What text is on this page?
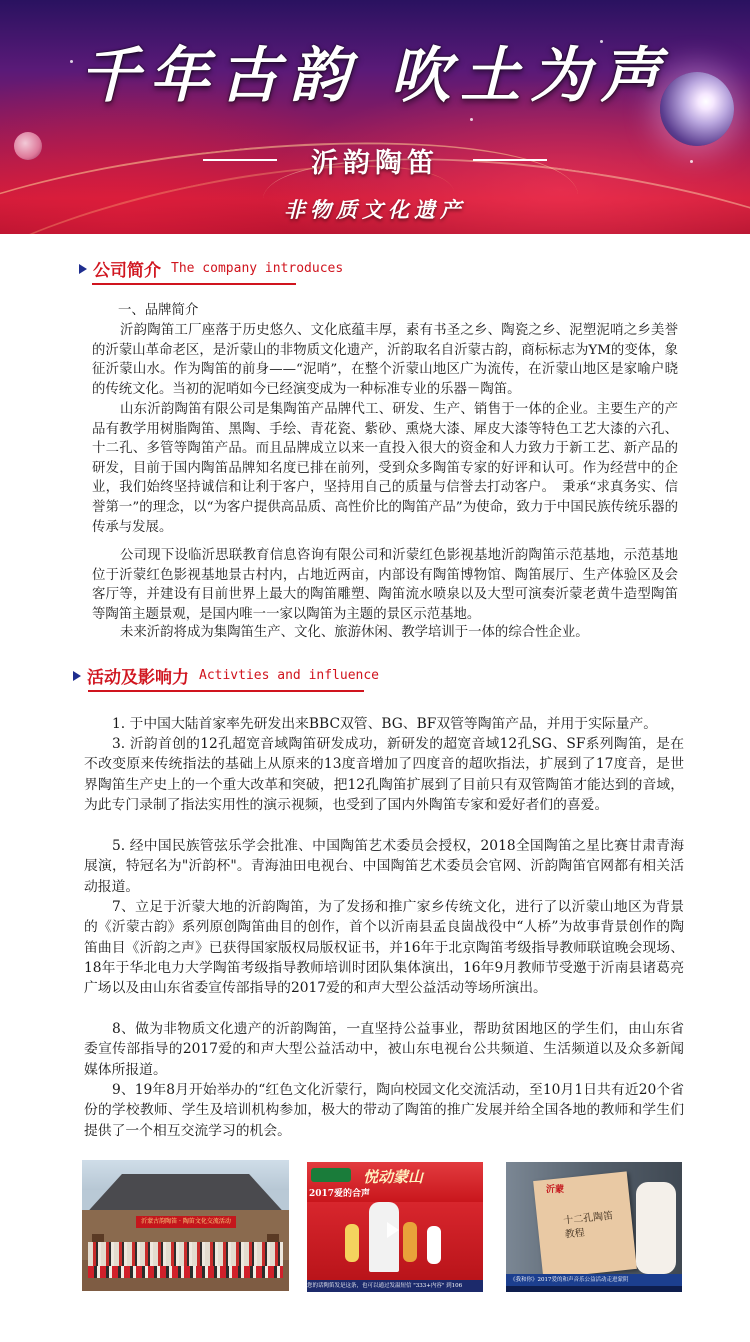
千年古韵 吹土为声
沂韵陶笛
非物质文化遗产
公司简介 The company introduces
一、品牌简介

沂韵陶笛工厂座落于历史悠久、文化底蕴丰厚，素有书圣之乡、陶瓷之乡、泥塑泥哨之乡美誉的沂蒙山革命老区，是沂蒙山的非物质文化遗产，沂韵取名自沂蒙古韵，商标标志为YM的变体，象征沂蒙山水。作为陶笛的前身——“泥哨”，在整个沂蒙山地区广为流传，在沂蒙山地区是家喻户晓的传统文化。当初的泥哨如今已经演变成为一种标准专业的乐器－陶笛。

山东沂韵陶笛有限公司是集陶笛产品牌代工、研发、生产、销售于一体的企业。主要生产的产品有教学用树脂陶笛、黑陶、手绘、青花瓷、紫砂、熏烧大漆、犀皮大漆等特色工艺大漆的六孔、十二孔、多管等陶笛产品。而且品牌成立以来一直投入很大的资金和人力致力于新工艺、新产品的研发，目前于国内陶笛品牌知名度已排在前列，受到众多陶笛专家的好评和认可。作为经营中的企业，我们始终坚持诚信和让利于客户，坚持用自己的质量与信誉去打动客户。　秉承“求真务实、信誉第一”的理念，以“为客户提供高品质、高性价比的陶笛产品”为使命，致力于中国民族传统乐器的传承与发展。

公司现下设临沂思联教育信息咨询有限公司和沂蒙红色影视基地沂韵陶笛示范基地，示范基地位于沂蒙红色影视基地景古村内，占地近两亩，内部设有陶笛博物馆、陶笛展厅、生产体验区及会客厅等，并建设有目前世界上最大的陶笛雕塑、陶笛流水喷泉以及大型可演奏沂蒙老黄牛造型陶笛等陶笛主题景观，是国内唯一一家以陶笛为主题的景区示范基地。

未来沂韵将成为集陶笛生产、文化、旅游休闲、教学培训于一体的综合性企业。

活动及影响力 Activties and influence

1. 于中国大陆首家率先研发出来BBC双管、BG、BF双管等陶笛产品，并用于实际量产。

3. 沂韵首创的12孔超宽音域陶笛研发成功，新研发的超宽音域12孔SG、SF系列陶笛，是在不改变原来传统指法的基础上从原来的13度音增加了四度音的超吹指法，扩展到了17度音，是世界陶笛生产史上的一个重大改革和突破，把12孔陶笛扩展到了目前只有双管陶笛才能达到的音域，为此专门录制了指法实用性的演示视频，也受到了国内外陶笛专家和爱好者们的喜爱。

5. 经中国民族管弦乐学会批准、中国陶笛艺术委员会授权，2018全国陶笛之星比赛甘肃青海展演，特冠名为"沂韵杯"。青海油田电视台、中国陶笛艺术委员会官网、沂韵陶笛官网都有相关活动报道。

7、立足于沂蒙大地的沂韵陶笛，为了发扬和推广家乡传统文化，进行了以沂蒙山地区为背景的《沂蒙古韵》系列原创陶笛曲目的创作，首个以沂南县孟良崮战役中“人桥”为故事背景创作的陶笛曲目《沂韵之声》已获得国家版权局版权证书，并16年于北京陶笛考级指导教师联谊晚会现场、18年于华北电力大学陶笛考级指导教师培训时团队集体演出，16年9月教师节受邀于沂南县诸葛亮广场以及由山东省委宣传部指导的2017爱的和声大型公益活动等场所演出。

8、做为非物质文化遗产的沂韵陶笛，一直坚持公益事业，帮助贫困地区的学生们，由山东省委宣传部指导的2017爱的和声大型公益活动中，被山东电视台公共频道、生活频道以及众多新闻媒体所报道。

9、19年8月开始举办的“红色文化沂蒙行，陶向校园文化交流活动，至10月1日共有近20个省份的学校教师、学生及培训机构参加，极大的带动了陶笛的推广发展并给全国各地的教师和学生们提供了一个相互交流学习的机会。

沂蒙古韵陶笛 · 陶笛文化交流活动
悦动蒙山
2017爱的合声
您的话陶笛发是这条，也可以通过发温短信 "333+内容" 到106
沂蒙
十二孔陶笛 教程
《我和你》2017爱的和声音乐公益活动走进蒙阴
